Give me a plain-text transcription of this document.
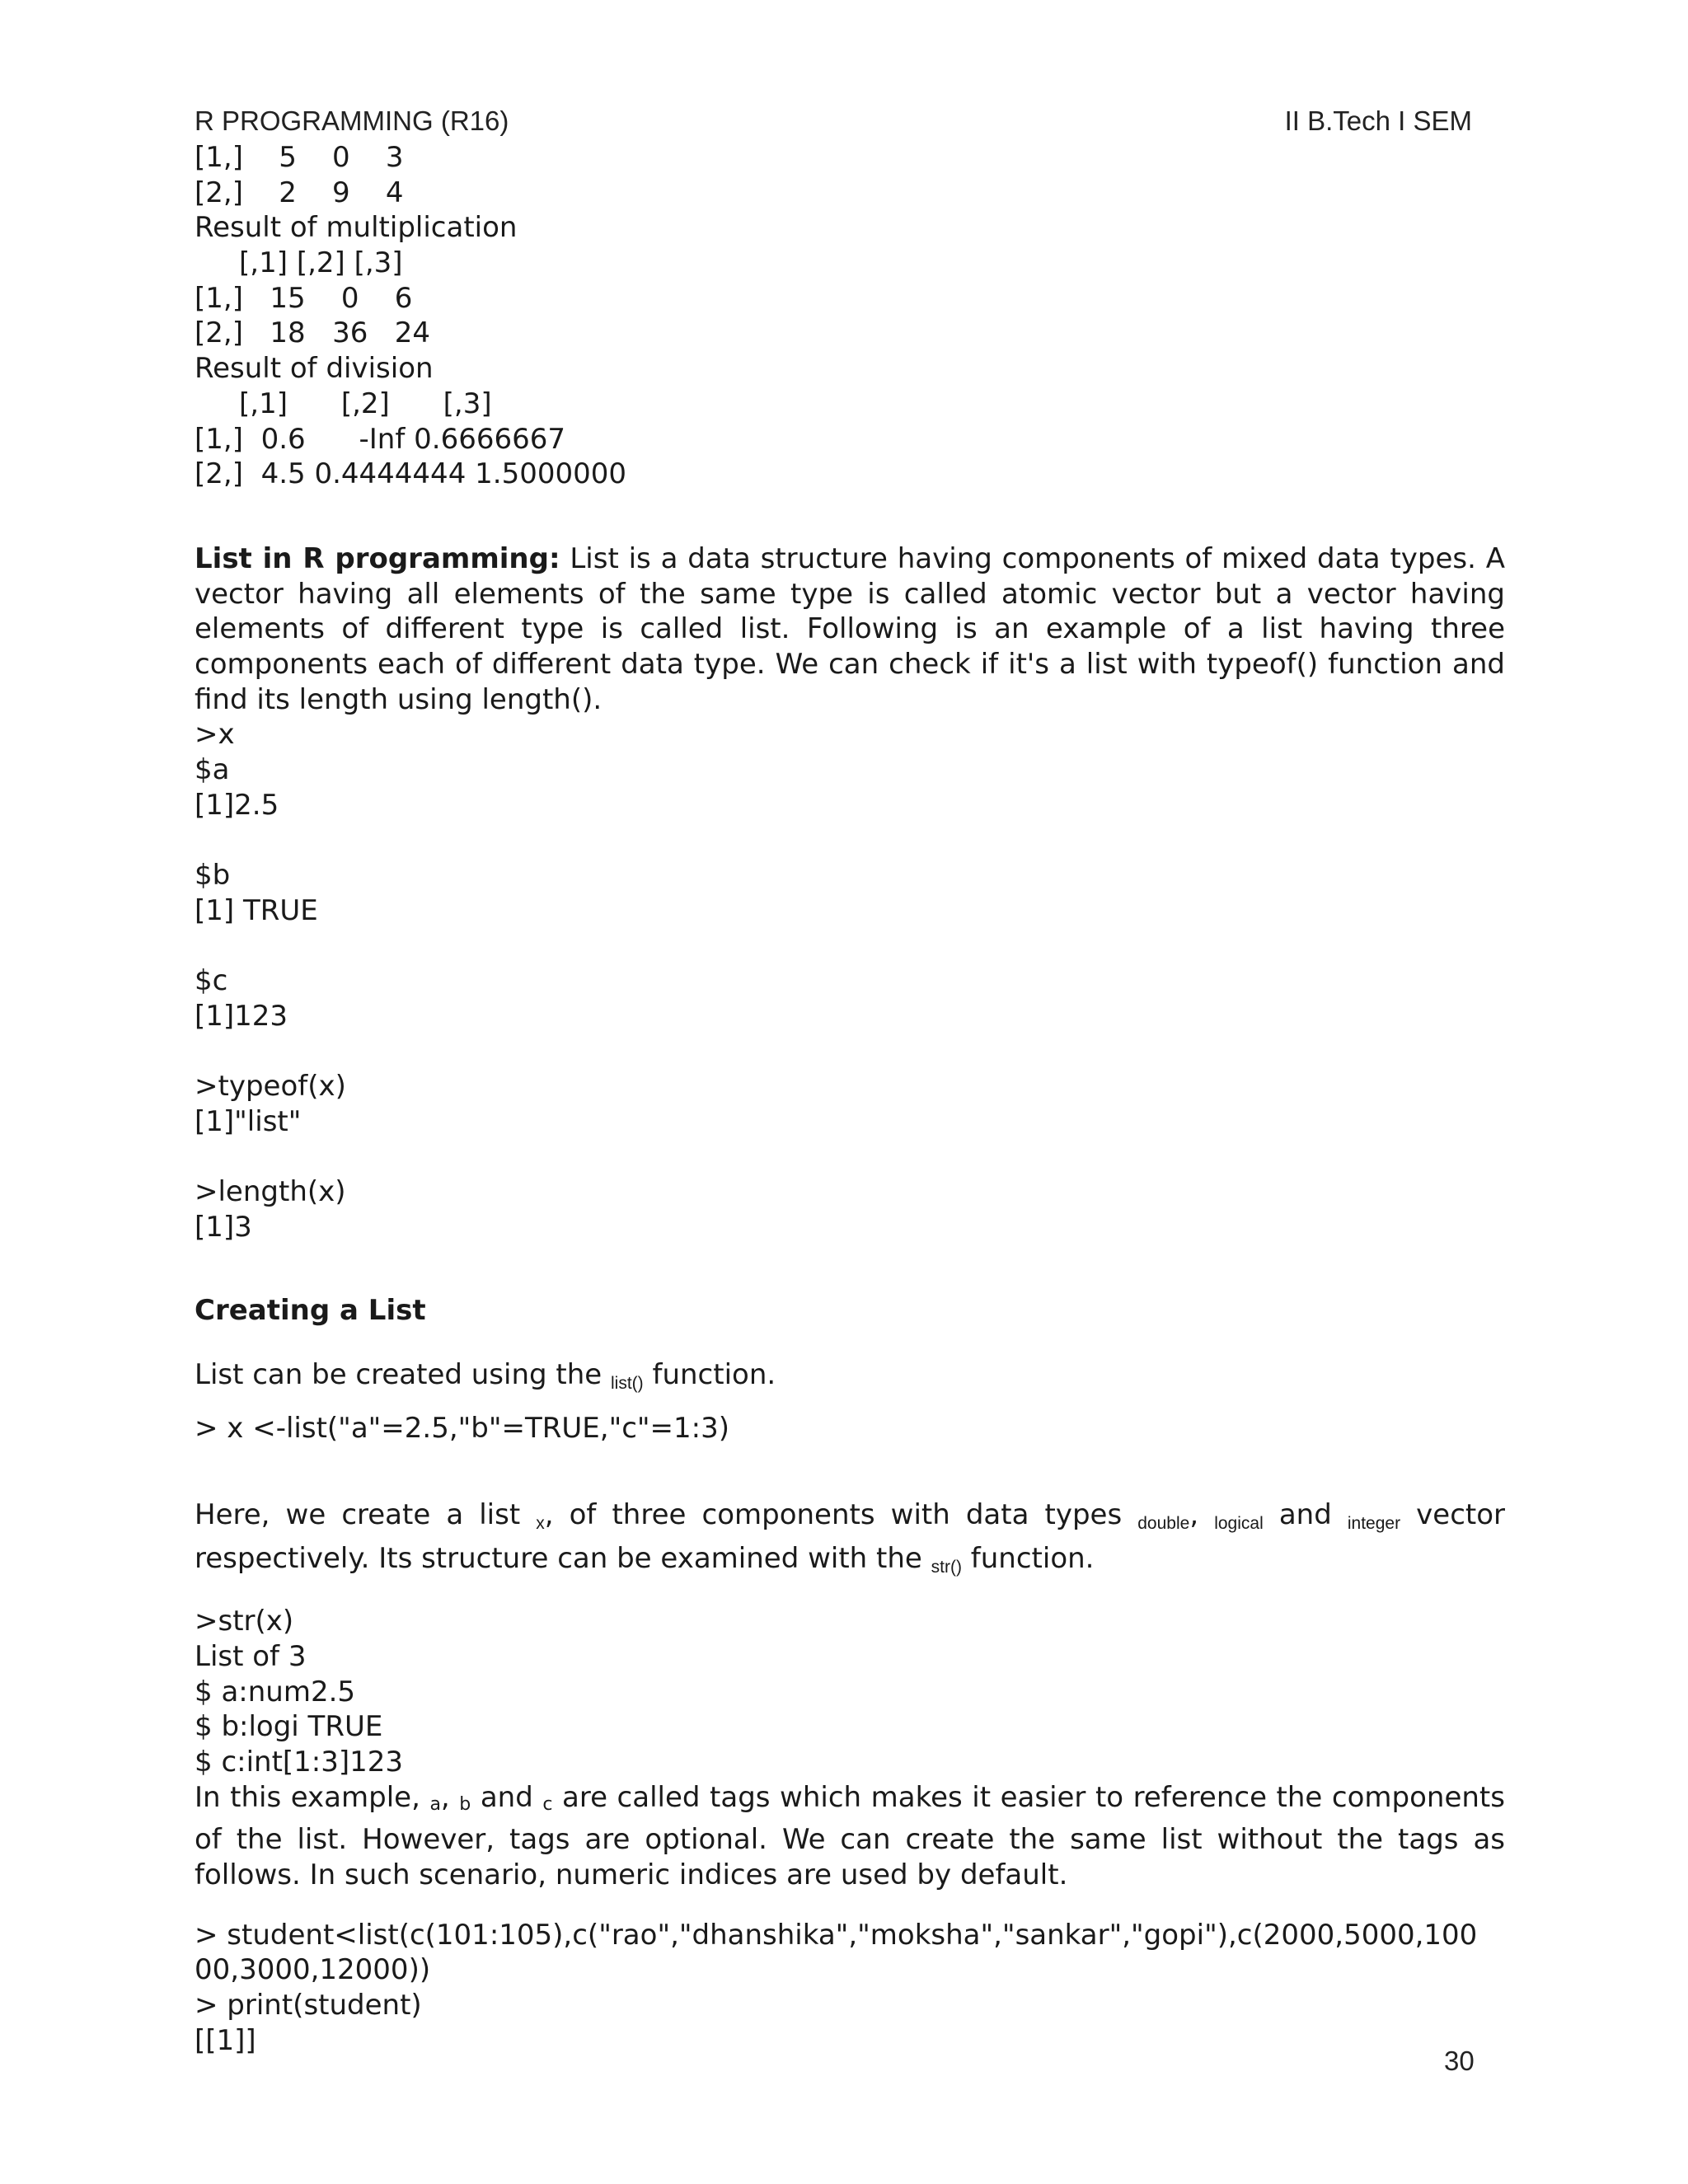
R PROGRAMMING (R16)	II B.Tech I SEM
[1,]    5    0    3
[2,]    2    9    4
Result of multiplication
[,1] [,2] [,3]
[1,]   15    0    6
[2,]   18   36   24
Result of division
[,1]      [,2]      [,3]
[1,]  0.6      -Inf 0.6666667
[2,]  4.5 0.4444444 1.5000000
List in R programming: List is a data structure having components of mixed data types. A vector having all elements of the same type is called atomic vector but a vector having elements of different type is called list. Following is an example of a list having three components each of different data type. We can check if it's a list with typeof() function and find its length using length().
>x
$a
[1]2.5
$b
[1] TRUE
$c
[1]123
>typeof(x)
[1]"list"
>length(x)
[1]3
Creating a List
List can be created using the $_{list()}$ function.
> x <-list("a"=2.5,"b"=TRUE,"c"=1:3)
Here, we create a list $_x$, of three components with data types $_{double}$, $_{logical}$ and $_{integer}$ vector respectively. Its structure can be examined with the $_{str()}$ function.
>str(x)
List of 3
$ a:num2.5
$ b:logi TRUE
$ c:int[1:3]123
In this example, a, b and c are called tags which makes it easier to reference the components of the list. However, tags are optional. We can create the same list without the tags as follows. In such scenario, numeric indices are used by default.
> student<list(c(101:105),c("rao","dhanshika","moksha","sankar","gopi"),c(2000,5000,100
00,3000,12000))
> print(student)
[[1]]
30
